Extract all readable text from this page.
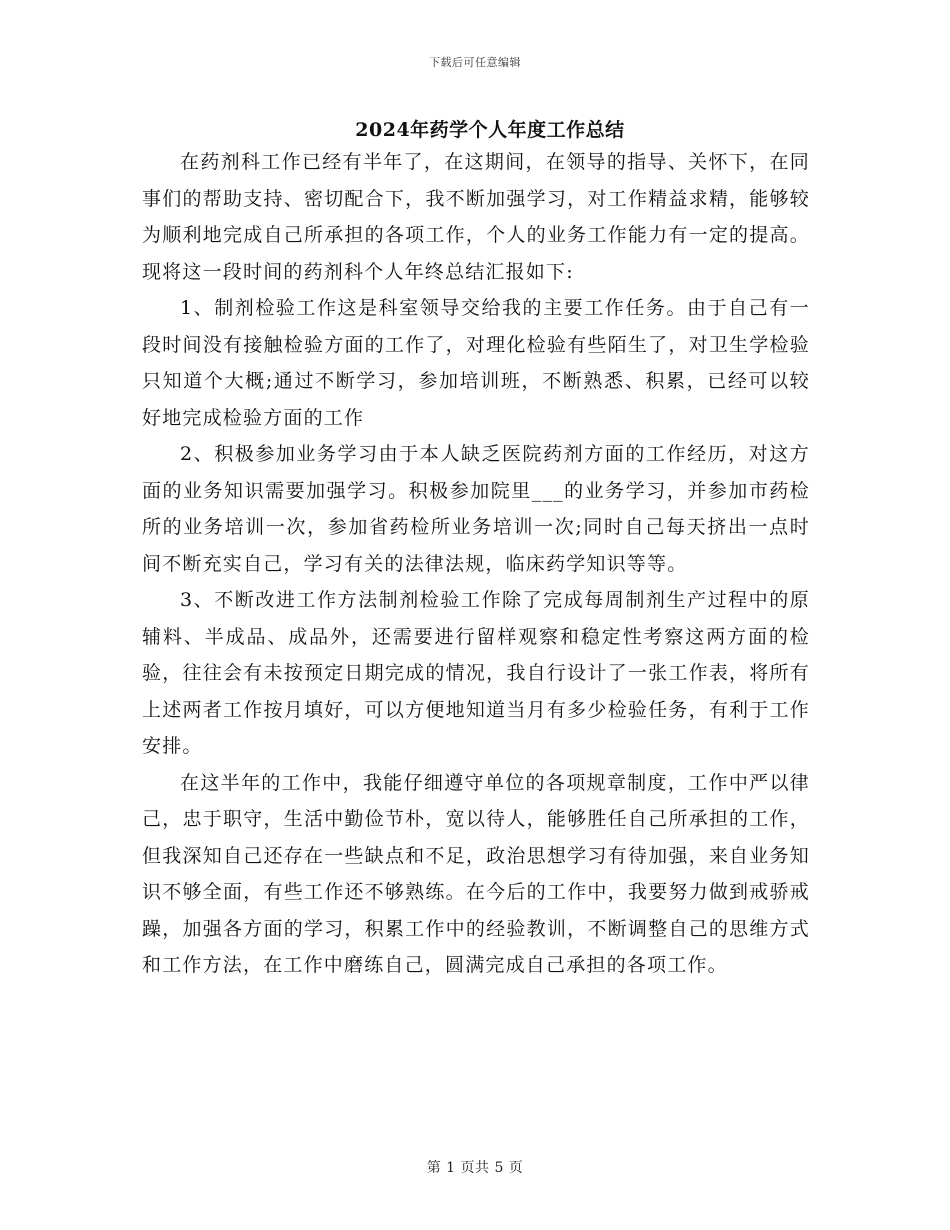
下载后可任意编辑
2024年药学个人年度工作总结

在药剂科工作已经有半年了，在这期间，在领导的指导、关怀下，在同事们的帮助支持、密切配合下，我不断加强学习，对工作精益求精，能够较为顺利地完成自己所承担的各项工作，个人的业务工作能力有一定的提高。现将这一段时间的药剂科个人年终总结汇报如下:

1、制剂检验工作这是科室领导交给我的主要工作任务。由于自己有一段时间没有接触检验方面的工作了，对理化检验有些陌生了，对卫生学检验只知道个大概;通过不断学习，参加培训班，不断熟悉、积累，已经可以较好地完成检验方面的工作

2、积极参加业务学习由于本人缺乏医院药剂方面的工作经历，对这方面的业务知识需要加强学习。积极参加院里___的业务学习，并参加市药检所的业务培训一次，参加省药检所业务培训一次;同时自己每天挤出一点时间不断充实自己，学习有关的法律法规，临床药学知识等等。

3、不断改进工作方法制剂检验工作除了完成每周制剂生产过程中的原辅料、半成品、成品外，还需要进行留样观察和稳定性考察这两方面的检验，往往会有未按预定日期完成的情况，我自行设计了一张工作表，将所有上述两者工作按月填好，可以方便地知道当月有多少检验任务，有利于工作安排。

在这半年的工作中，我能仔细遵守单位的各项规章制度，工作中严以律己，忠于职守，生活中勤俭节朴，宽以待人，能够胜任自己所承担的工作，但我深知自己还存在一些缺点和不足，政治思想学习有待加强，来自业务知识不够全面，有些工作还不够熟练。在今后的工作中，我要努力做到戒骄戒躁，加强各方面的学习，积累工作中的经验教训，不断调整自己的思维方式和工作方法，在工作中磨练自己，圆满完成自己承担的各项工作。

第 1 页共 5 页
